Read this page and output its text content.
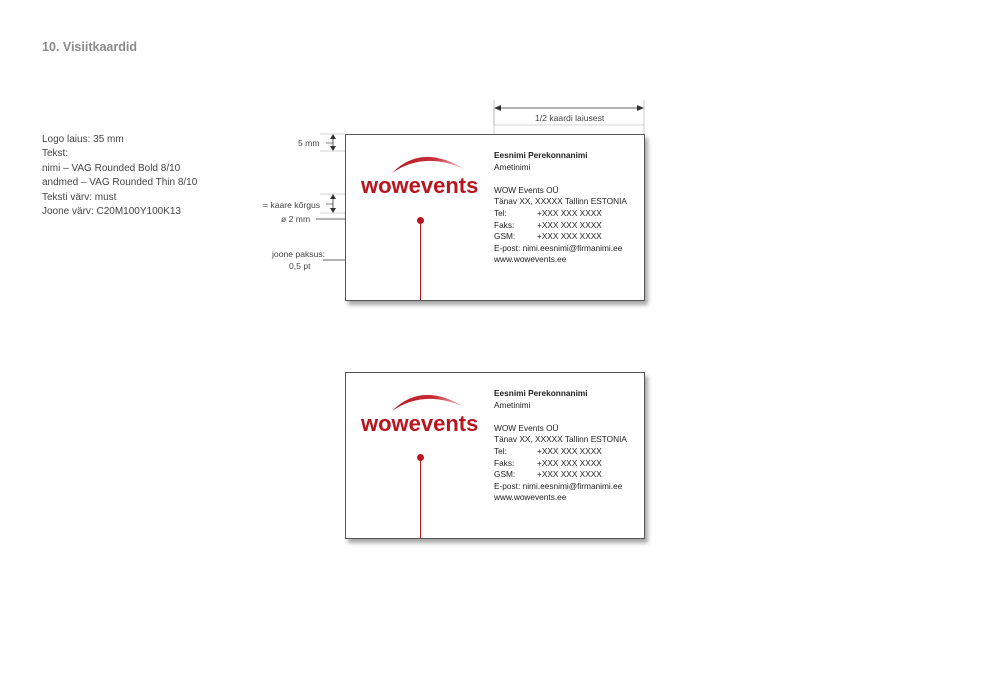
10. Visiitkaardid
Logo laius: 35 mm
Tekst:
nimi – VAG Rounded Bold 8/10
andmed – VAG Rounded Thin 8/10
Teksti värv: must
Joone värv: C20M100Y100K13
1/2 kaardi laiusest
5 mm
= kaare kõrgus
ø 2 mm
joone paksus:
0,5 pt
wowevents
Eesnimi Perekonnanimi
Ametinimi
WOW Events OÜ
Tänav XX, XXXXX Tallinn ESTONIA
Tel:	+XXX XXX XXXX
Faks:	+XXX XXX XXXX
GSM:	+XXX XXX XXXX
E-post: nimi.eesnimi@firmanimi.ee
www.wowevents.ee
wowevents
Eesnimi Perekonnanimi
Ametinimi
WOW Events OÜ
Tänav XX, XXXXX Tallinn ESTONIA
Tel:	+XXX XXX XXXX
Faks:	+XXX XXX XXXX
GSM:	+XXX XXX XXXX
E-post: nimi.eesnimi@firmanimi.ee
www.wowevents.ee
